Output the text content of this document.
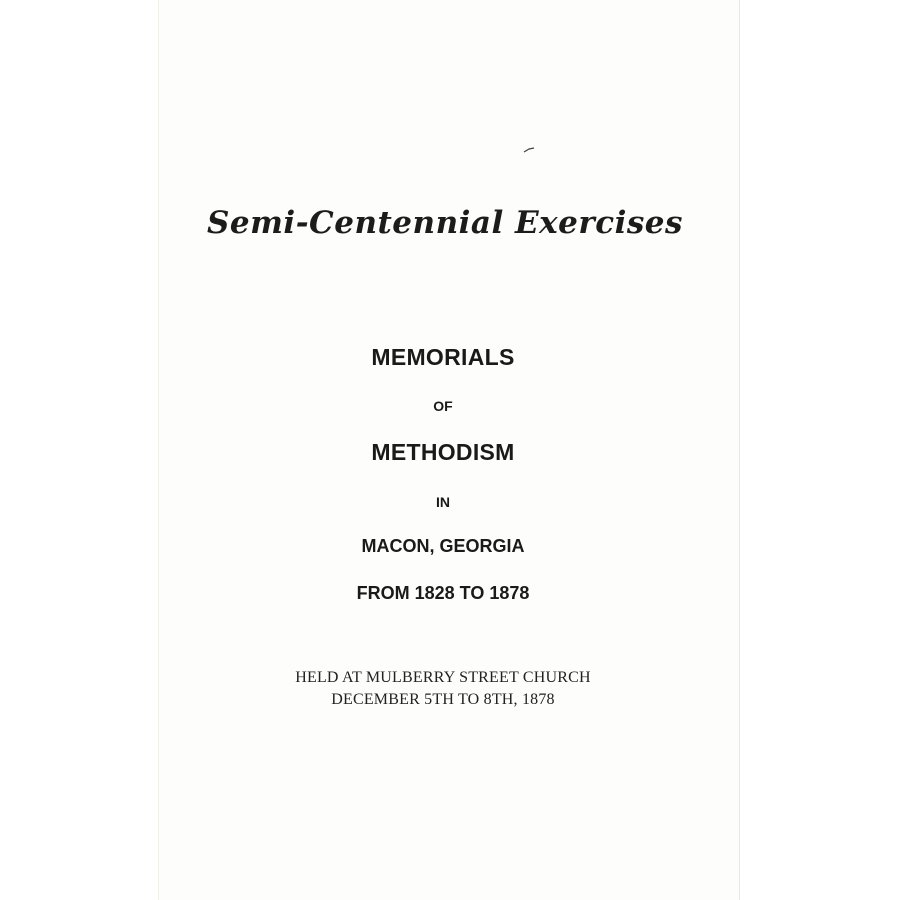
Semi-Centennial Exercises
MEMORIALS
OF
METHODISM
IN
MACON, GEORGIA
FROM 1828 TO 1878
HELD AT MULBERRY STREET CHURCH
DECEMBER 5TH TO 8TH, 1878
